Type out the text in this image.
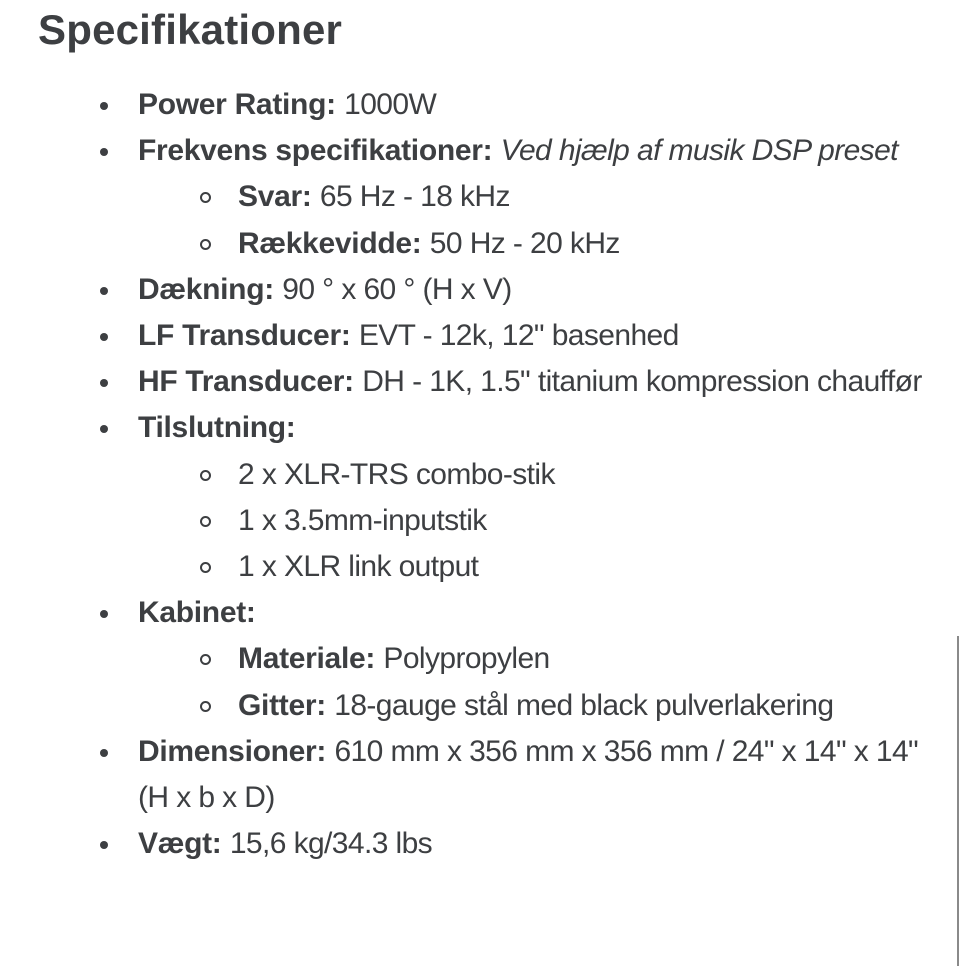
Specifikationer
Power Rating: 1000W
Frekvens specifikationer: Ved hjælp af musik DSP preset
Svar: 65 Hz - 18 kHz
Rækkevidde: 50 Hz - 20 kHz
Dækning: 90 ° x 60 ° (H x V)
LF Transducer: EVT - 12k, 12" basenhed
HF Transducer: DH - 1K, 1.5" titanium kompression chauffør
Tilslutning:
2 x XLR-TRS combo-stik
1 x 3.5mm-inputstik
1 x XLR link output
Kabinet:
Materiale: Polypropylen
Gitter: 18-gauge stål med black pulverlakering
Dimensioner: 610 mm x 356 mm x 356 mm / 24" x 14" x 14" (H x b x D)
Vægt: 15,6 kg/34.3 lbs
